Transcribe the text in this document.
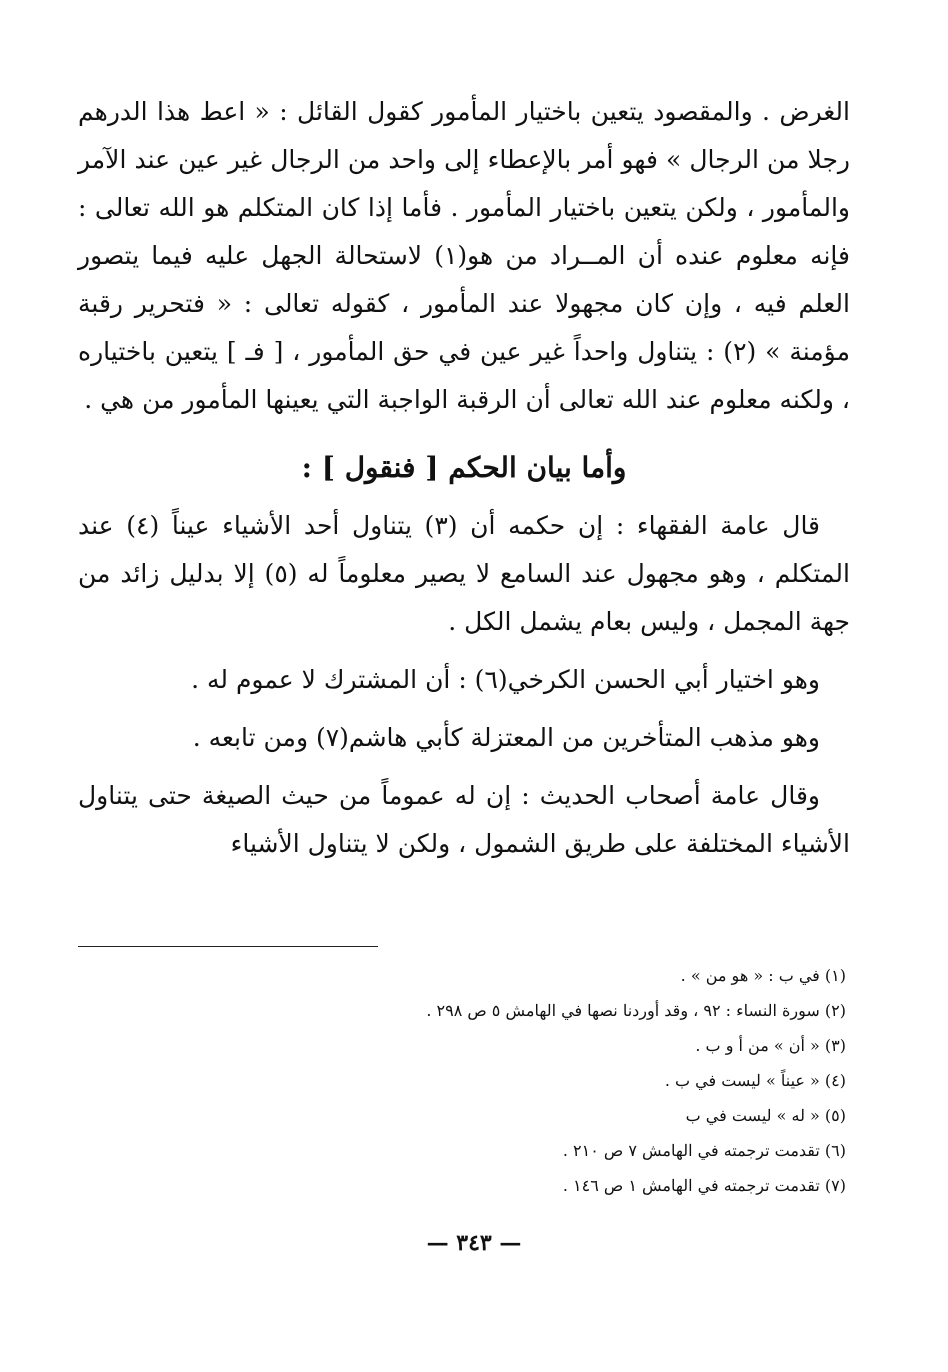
الغرض . والمقصود يتعين باختيار المأمور كقول القائل : « اعط هذا الدرهم رجلا من الرجال » فهو أمر بالإعطاء إلى واحد من الرجال غير عين عند الآمر والمأمور ، ولكن يتعين باختيار المأمور . فأما إذا كان المتكلم هو الله تعالى : فإنه معلوم عنده أن المــراد من هو(١) لاستحالة الجهل عليه فيما يتصور العلم فيه ، وإن كان مجهولا عند المأمور ، كقوله تعالى : « فتحرير رقبة مؤمنة » (٢) : يتناول واحداً غير عين في حق المأمور ، [ فـ ] يتعين باختياره ، ولكنه معلوم عند الله تعالى أن الرقبة الواجبة التي يعينها المأمور من هي .

وأما بيان الحكم [ فنقول ] :

قال عامة الفقهاء : إن حكمه أن (٣) يتناول أحد الأشياء عيناً (٤) عند المتكلم ، وهو مجهول عند السامع لا يصير معلوماً له (٥) إلا بدليل زائد من جهة المجمل ، وليس بعام يشمل الكل .

وهو اختيار أبي الحسن الكرخي(٦) : أن المشترك لا عموم له .

وهو مذهب المتأخرين من المعتزلة كأبي هاشم(٧) ومن تابعه .

وقال عامة أصحاب الحديث : إن له عموماً من حيث الصيغة حتى يتناول الأشياء المختلفة على طريق الشمول ، ولكن لا يتناول الأشياء

(١) في ب : « هو من » .

(٢) سورة النساء : ٩٢ ، وقد أوردنا نصها في الهامش ٥ ص ٢٩٨ .

(٣) « أن » من أ و ب .

(٤) « عيناً » ليست في ب .

(٥) « له » ليست في ب

(٦) تقدمت ترجمته في الهامش ٧ ص ٢١٠ .

(٧) تقدمت ترجمته في الهامش ١ ص ١٤٦ .

— ٣٤٣ —
